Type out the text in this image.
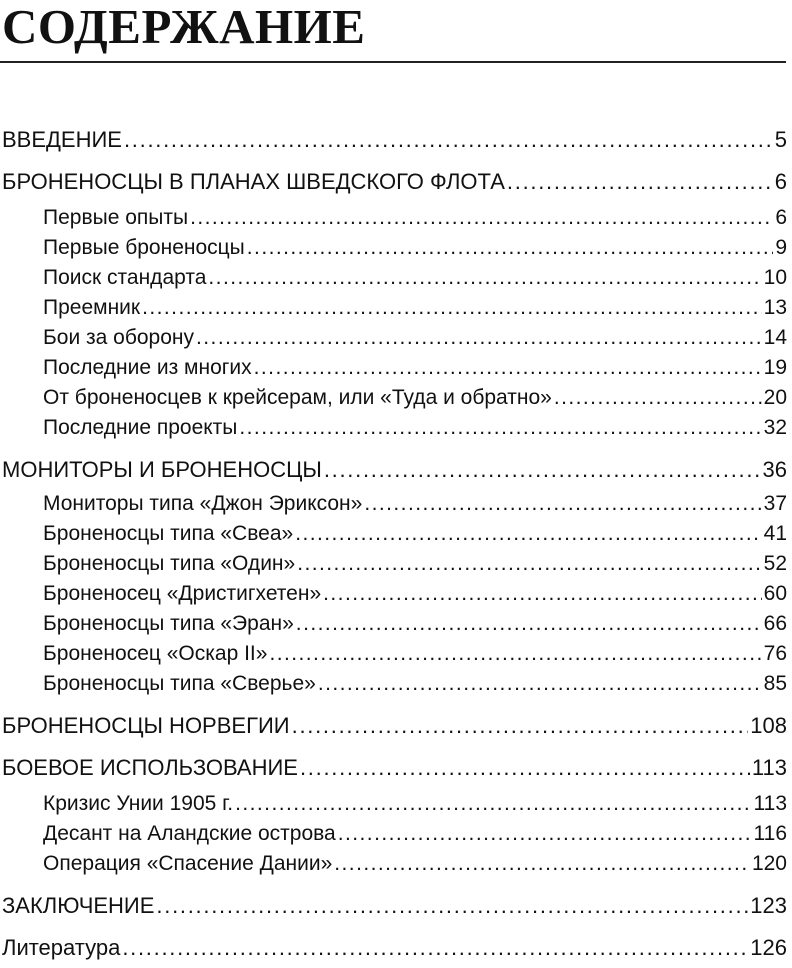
СОДЕРЖАНИЕ
ВВЕДЕНИЕ . . .	5
БРОНЕНОСЦЫ В ПЛАНАХ ШВЕДСКОГО ФЛОТА . . .	6
Первые опыты . . .	6
Первые броненосцы . . .	9
Поиск стандарта . . .	10
Преемник . . .	13
Бои за оборону . . .	14
Последние из многих . . .	19
От броненосцев к крейсерам, или «Туда и обратно» . . .	20
Последние проекты . . .	32
МОНИТОРЫ И БРОНЕНОСЦЫ . . .	36
Мониторы типа «Джон Эриксон» . . .	37
Броненосцы типа «Свеа» . . .	41
Броненосцы типа «Один» . . .	52
Броненосец «Дристигхетен» . . .	60
Броненосцы типа «Эран» . . .	66
Броненосец «Оскар II» . . .	76
Броненосцы типа «Сверье» . . .	85
БРОНЕНОСЦЫ НОРВЕГИИ . . .	108
БОЕВОЕ ИСПОЛЬЗОВАНИЕ . . .	113
Кризис Унии 1905 г. . . .	113
Десант на Аландские острова . . .	116
Операция «Спасение Дании» . . .	120
ЗАКЛЮЧЕНИЕ . . .	123
Литература . . .	126
